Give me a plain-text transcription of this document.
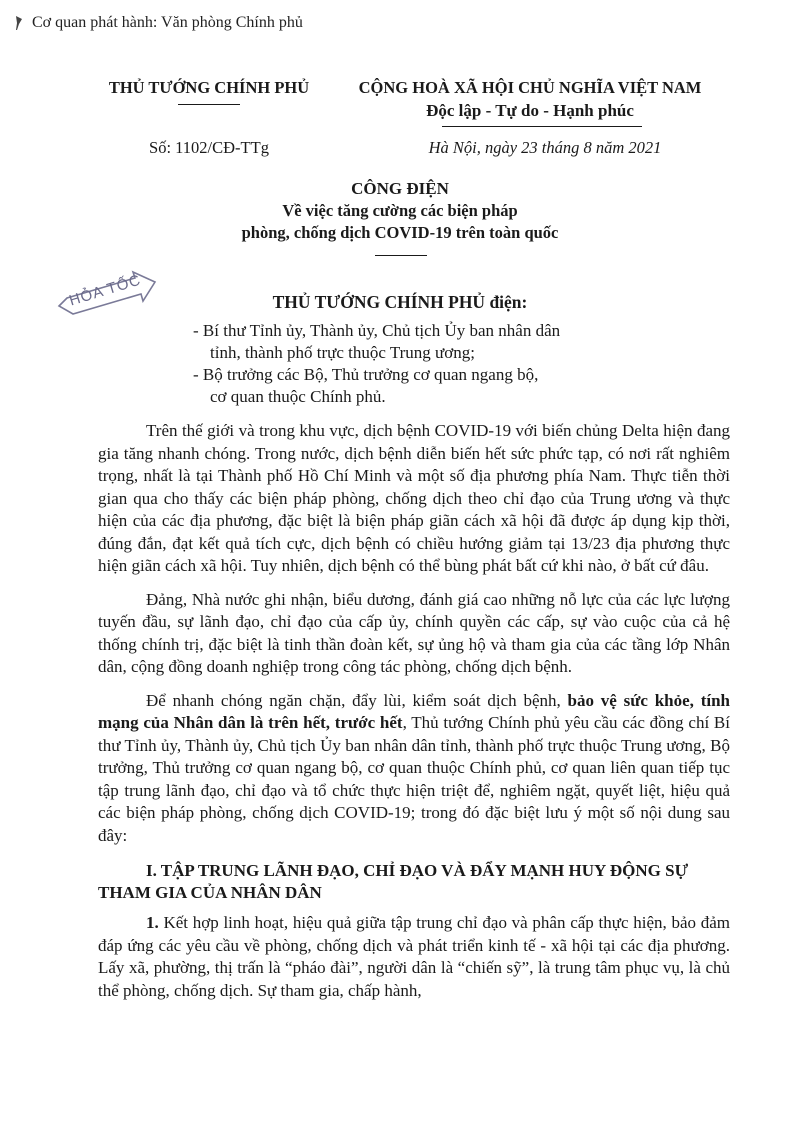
Cơ quan phát hành: Văn phòng Chính phủ
THỦ TƯỚNG CHÍNH PHỦ	CỘNG HOÀ XÃ HỘI CHỦ NGHĨA VIỆT NAM
Độc lập - Tự do - Hạnh phúc
Số: 1102/CĐ-TTg	Hà Nội, ngày 23 tháng 8 năm 2021
CÔNG ĐIỆN
Về việc tăng cường các biện pháp
phòng, chống dịch COVID-19 trên toàn quốc
HỎA TỐC	THỦ TƯỚNG CHÍNH PHỦ điện:

- Bí thư Tỉnh ủy, Thành ủy, Chủ tịch Ủy ban nhân dân

tỉnh, thành phố trực thuộc Trung ương;

- Bộ trưởng các Bộ, Thủ trưởng cơ quan ngang bộ,

cơ quan thuộc Chính phủ.

Trên thế giới và trong khu vực, dịch bệnh COVID-19 với biến chủng Delta hiện đang gia tăng nhanh chóng. Trong nước, dịch bệnh diễn biến hết sức phức tạp, có nơi rất nghiêm trọng, nhất là tại Thành phố Hồ Chí Minh và một số địa phương phía Nam. Thực tiễn thời gian qua cho thấy các biện pháp phòng, chống dịch theo chỉ đạo của Trung ương và thực hiện của các địa phương, đặc biệt là biện pháp giãn cách xã hội đã được áp dụng kịp thời, đúng đắn, đạt kết quả tích cực, dịch bệnh có chiều hướng giảm tại 13/23 địa phương thực hiện giãn cách xã hội. Tuy nhiên, dịch bệnh có thể bùng phát bất cứ khi nào, ở bất cứ đâu.

Đảng, Nhà nước ghi nhận, biểu dương, đánh giá cao những nỗ lực của các lực lượng tuyến đầu, sự lãnh đạo, chỉ đạo của cấp ủy, chính quyền các cấp, sự vào cuộc của cả hệ thống chính trị, đặc biệt là tinh thần đoàn kết, sự ủng hộ và tham gia của các tầng lớp Nhân dân, cộng đồng doanh nghiệp trong công tác phòng, chống dịch bệnh.

Để nhanh chóng ngăn chặn, đẩy lùi, kiểm soát dịch bệnh, bảo vệ sức khỏe, tính mạng của Nhân dân là trên hết, trước hết, Thủ tướng Chính phủ yêu cầu các đồng chí Bí thư Tỉnh ủy, Thành ủy, Chủ tịch Ủy ban nhân dân tỉnh, thành phố trực thuộc Trung ương, Bộ trưởng, Thủ trưởng cơ quan ngang bộ, cơ quan thuộc Chính phủ, cơ quan liên quan tiếp tục tập trung lãnh đạo, chỉ đạo và tổ chức thực hiện triệt để, nghiêm ngặt, quyết liệt, hiệu quả các biện pháp phòng, chống dịch COVID-19; trong đó đặc biệt lưu ý một số nội dung sau đây:

I. TẬP TRUNG LÃNH ĐẠO, CHỈ ĐẠO VÀ ĐẨY MẠNH HUY ĐỘNG SỰ THAM GIA CỦA NHÂN DÂN

1. Kết hợp linh hoạt, hiệu quả giữa tập trung chỉ đạo và phân cấp thực hiện, bảo đảm đáp ứng các yêu cầu về phòng, chống dịch và phát triển kinh tế - xã hội tại các địa phương. Lấy xã, phường, thị trấn là “pháo đài”, người dân là “chiến sỹ”, là trung tâm phục vụ, là chủ thể phòng, chống dịch. Sự tham gia, chấp hành,
